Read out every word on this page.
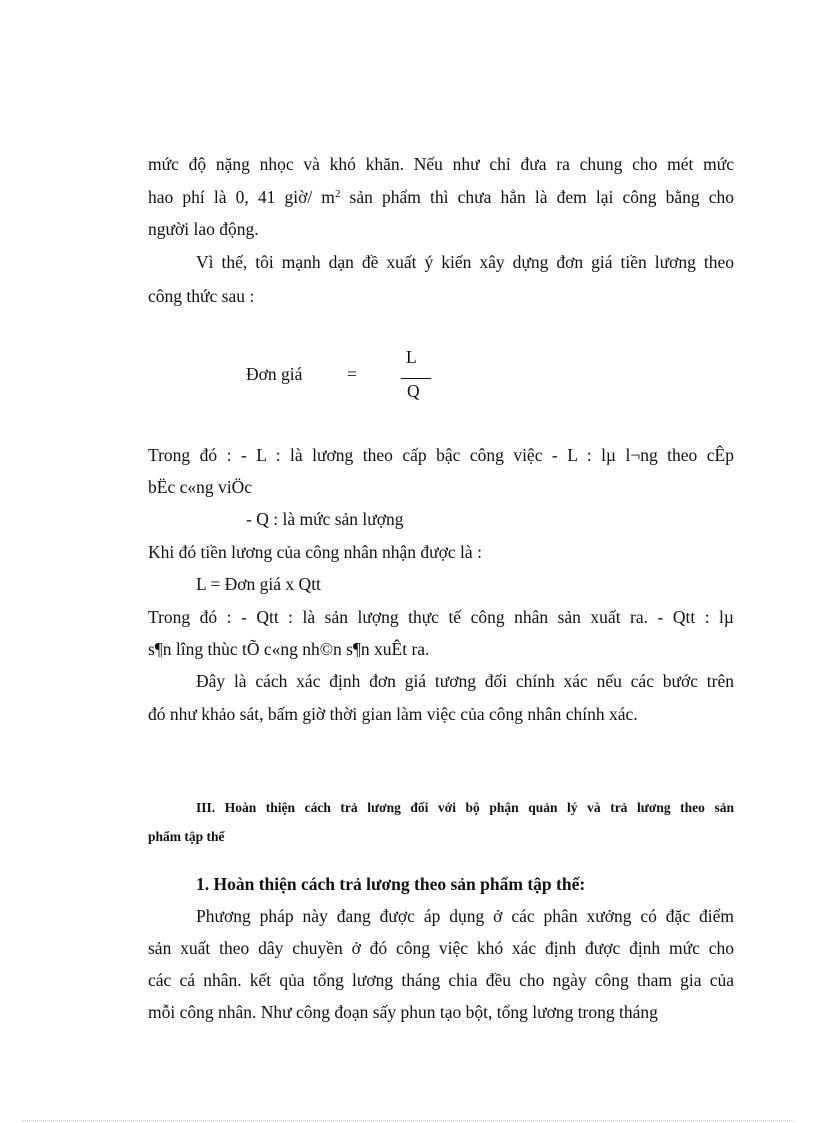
mức độ nặng nhọc và khó khăn. Nếu như chỉ đưa ra chung cho mét mức
hao phí là 0, 41 giờ/ $m^2$ sản phẩm thì chưa hẳn là đem lại công bằng cho
người lao động.
Vì thế, tôi mạnh dạn đề xuất ý kiến xây dựng đơn giá tiền lương theo
công thức sau :
Đơn giá	=
L
Q
Trong đó : - L : là lương theo cấp bậc công việc - L : lµ l¬ng theo cÊp
bËc c«ng viÖc
- Q : là mức sản lượng
Khi đó tiền lương của công nhân nhận được là :
L = Đơn giá x Qtt
Trong đó : - Qtt : là sản lượng thực tế công nhân sản xuất ra. - Qtt : lµ
s¶n lîng thùc tÕ c«ng nh©n s¶n xuÊt ra.
Đây là cách xác định đơn giá tương đối chính xác nếu các bước trên
đó như khảo sát, bấm giờ thời gian làm việc của công nhân chính xác.
III. Hoàn thiện cách trả lương đối với bộ phận quản lý và trả lương theo sản
phẩm tập thể
1. Hoàn thiện cách trả lương theo sản phẩm tập thể:
Phương pháp này đang được áp dụng ở các phân xưởng có đặc điểm
sản xuất theo dây chuyền ở đó công việc khó xác định được định mức cho
các cá nhân. kết qủa tổng lương tháng chia đều cho ngày công tham gia của
mỗi công nhân. Như công đoạn sấy phun tạo bột, tổng lương trong tháng
